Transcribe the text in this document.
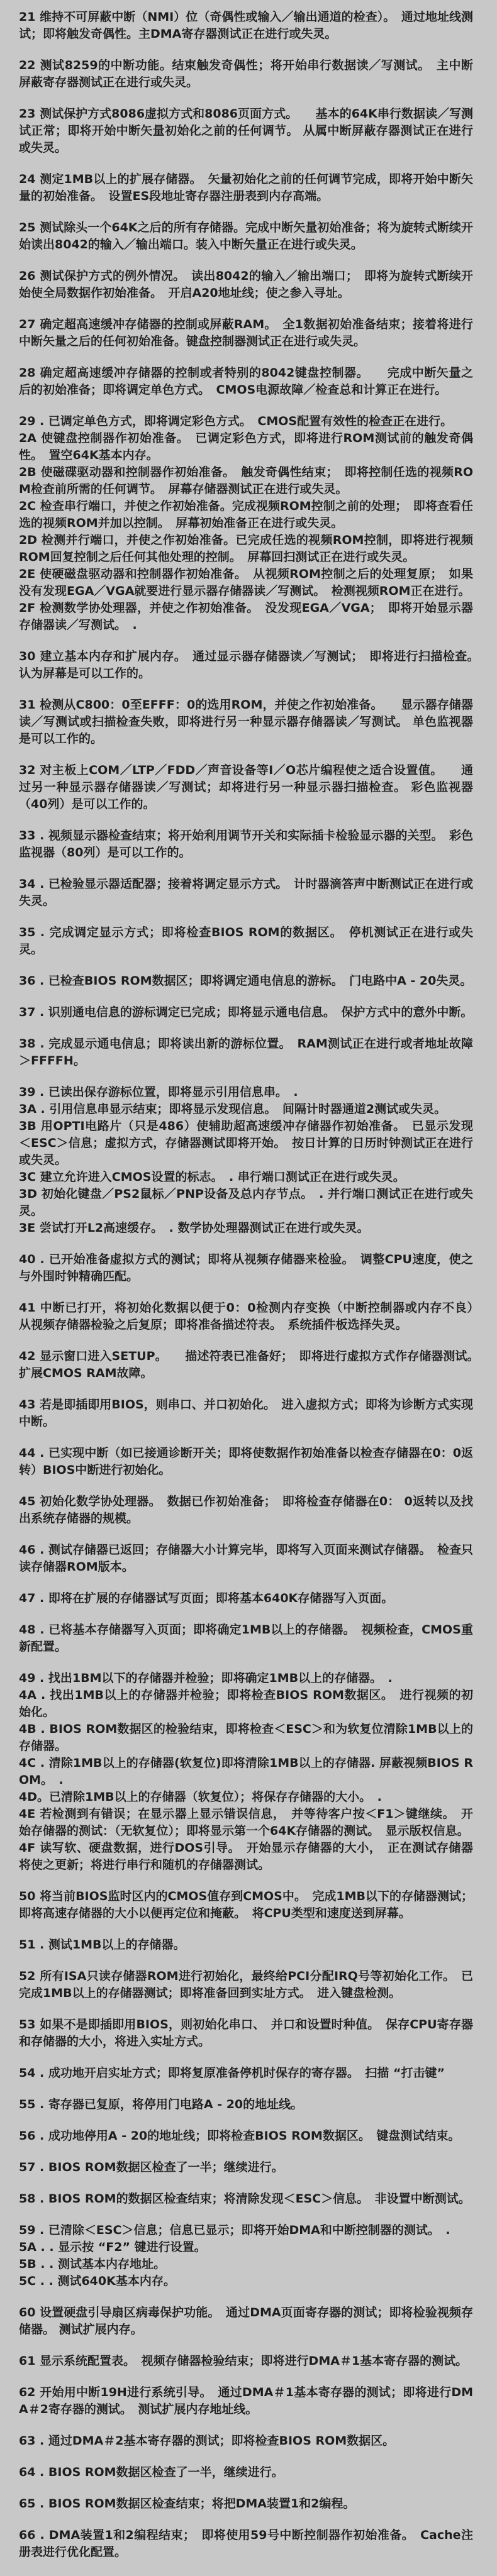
21 维持不可屏蔽中断（NMI）位（奇偶性或输入／输出通道的检查）。　通过地址线测试；即将触发奇偶性。主DMA寄存器测试正在进行或失灵。

22 测试8259的中断功能。结束触发奇偶性；将开始串行数据读／写测试。　主中断屏蔽寄存器测试正在进行或失灵。

23 测试保护方式8086虚拟方式和8086页面方式。　　基本的64K串行数据读／写测试正常；即将开始中断矢量初始化之前的任何调节。 从属中断屏蔽存器测试正在进行或失灵。

24 测定1MB以上的扩展存储器。　矢量初始化之前的任何调节完成，即将开始中断矢量的初始准备。　设置ES段地址寄存器注册表到内存高端。

25 测试除头一个64K之后的所有存储器。完成中断矢量初始准备；将为旋转式断续开始读出8042的输入／输出端口。装入中断矢量正在进行或失灵。

26 测试保护方式的例外情况。　读出8042的输入／输出端口；　即将为旋转式断续开始使全局数据作初始准备。　开启A20地址线；使之参入寻址。

27 确定超高速缓冲存储器的控制或屏蔽RAM。　全1数据初始准备结束；接着将进行中断矢量之后的任何初始准备。键盘控制器测试正在进行或失灵。

28 确定超高速缓冲存储器的控制或者特别的8042键盘控制器。　　完成中断矢量之后的初始准备；即将调定单色方式。　CMOS电源故障／检查总和计算正在进行。

29 . 已调定单色方式，即将调定彩色方式。　CMOS配置有效性的检查正在进行。

2A 使键盘控制器作初始准备。　已调定彩色方式，即将进行ROM测试前的触发奇偶性。　置空64K基本内存。

2B 使磁碟驱动器和控制器作初始准备。　触发奇偶性结束；　即将控制任选的视频ROM检查前所需的任何调节。　屏幕存储器测试正在进行或失灵。

2C 检查串行端口，并使之作初始准备。完成视频ROM控制之前的处理；　即将查看任选的视频ROM并加以控制。　屏幕初始准备正在进行或失灵。

2D 检测并行端口，并使之作初始准备。已完成任选的视频ROM控制，即将进行视频ROM回复控制之后任何其他处理的控制。　屏幕回扫测试正在进行或失灵。

2E 使硬磁盘驱动器和控制器作初始准备。　从视频ROM控制之后的处理复原；　如果没有发现EGA／VGA就要进行显示器存储器读／写测试。　检测视频ROM正在进行。

2F 检测数学协处理器，并使之作初始准备。　没发现EGA／VGA；　即将开始显示器存储器读／写测试。　.

30 建立基本内存和扩展内存。　通过显示器存储器读／写测试；　即将进行扫描检查。　认为屏幕是可以工作的。

31 检测从C800：0至EFFF：0的选用ROM，并使之作初始准备。　　显示器存储器读／写测试或扫描检查失败，即将进行另一种显示器存储器读／写测试。 单色监视器是可以工作的。

32 对主板上COM／LTP／FDD／声音设备等I／O芯片编程使之适合设置值。　　通过另一种显示器存储器读／写测试；却将进行另一种显示器扫描检查。 彩色监视器（40列）是可以工作的。

33 . 视频显示器检查结束；将开始利用调节开关和实际插卡检验显示器的关型。　彩色监视器（80列）是可以工作的。

34 . 已检验显示器适配器；接着将调定显示方式。　计时器滴答声中断测试正在进行或失灵。

35 . 完成调定显示方式；即将检查BIOS ROM的数据区。　停机测试正在进行或失灵。

36 . 已检查BIOS ROM数据区；即将调定通电信息的游标。　门电路中A - 20失灵。

37 . 识别通电信息的游标调定已完成；即将显示通电信息。　保护方式中的意外中断。

38 . 完成显示通电信息；即将读出新的游标位置。　RAM测试正在进行或者地址故障＞FFFFH。

39 . 已读出保存游标位置，即将显示引用信息串。　.

3A . 引用信息串显示结束；即将显示发现信息。　间隔计时器通道2测试或失灵。

3B 用OPTI电路片（只是486）使辅助超高速缓冲存储器作初始准备。　已显示发现＜ESC＞信息；虚拟方式，存储器测试即将开始。　按日计算的日历时钟测试正在进行或失灵。

3C 建立允许进入CMOS设置的标志。　. 串行端口测试正在进行或失灵。

3D 初始化键盘／PS2鼠标／PNP设备及总内存节点。　. 并行端口测试正在进行或失灵。

3E 尝试打开L2高速缓存。　. 数学协处理器测试正在进行或失灵。

40 . 已开始准备虚拟方式的测试；即将从视频存储器来检验。　调整CPU速度，使之与外围时钟精确匹配。

41 中断已打开，将初始化数据以便于0：0检测内存变换（中断控制器或内存不良）　从视频存储器检验之后复原；即将准备描述符表。　系统插件板选择失灵。

42 显示窗口进入SETUP。　　描述符表已准备好；　即将进行虚拟方式作存储器测试。　扩展CMOS RAM故障。

43 若是即插即用BIOS，则串口、并口初始化。　进入虚拟方式；即将为诊断方式实现中断。

44 . 已实现中断（如已接通诊断开关；即将使数据作初始准备以检查存储器在0：0返转）BIOS中断进行初始化。

45 初始化数学协处理器。　数据已作初始准备；　即将检查存储器在0： 0返转以及找出系统存储器的规模。

46 . 测试存储器已返回；存储器大小计算完毕，即将写入页面来测试存储器。　检查只读存储器ROM版本。

47 . 即将在扩展的存储器试写页面；即将基本640K存储器写入页面。

48 . 已将基本存储器写入页面；即将确定1MB以上的存储器。　视频检查，CMOS重新配置。

49 . 找出1BM以下的存储器并检验；即将确定1MB以上的存储器。　.

4A . 找出1MB以上的存储器并检验；即将检查BIOS ROM数据区。　进行视频的初始化。

4B . BIOS ROM数据区的检验结束，即将检查＜ESC＞和为软复位清除1MB以上的存储器。

4C . 清除1MB以上的存储器(软复位)即将清除1MB以上的存储器. 屏蔽视频BIOS ROM。　.

4D。已清除1MB以上的存储器（软复位）；将保存存储器的大小。　.

4E 若检测到有错误；在显示器上显示错误信息，　并等待客户按＜F1＞键继续。　开始存储器的测试：（无软复位）；即将显示第一个64K存储器的测试。　显示版权信息。

4F 读写软、硬盘数据，进行DOS引导。　开始显示存储器的大小，　正在测试存储器将使之更新；将进行串行和随机的存储器测试。

50 将当前BIOS监时区内的CMOS值存到CMOS中。　完成1MB以下的存储器测试；即将高速存储器的大小以便再定位和掩蔽。　将CPU类型和速度送到屏幕。

51 . 测试1MB以上的存储器。

52 所有ISA只读存储器ROM进行初始化，最终给PCI分配IRQ号等初始化工作。　已完成1MB以上的存储器测试；即将准备回到实址方式。　进入键盘检测。

53 如果不是即插即用BIOS，则初始化串口、　并口和设置时种值。　保存CPU寄存器和存储器的大小，将进入实址方式。

54 . 成功地开启实址方式；即将复原准备停机时保存的寄存器。　扫描 “打击键”

55 . 寄存器已复原，将停用门电路A - 20的地址线。

56 . 成功地停用A - 20的地址线；即将检查BIOS ROM数据区。　键盘测试结束。

57 . BIOS ROM数据区检查了一半；继续进行。

58 . BIOS ROM的数据区检查结束；将清除发现＜ESC＞信息。　非设置中断测试。

59 . 已清除＜ESC＞信息；信息已显示；即将开始DMA和中断控制器的测试。　.

5A . . 显示按 “F2” 键进行设置。

5B . . 测试基本内存地址。

5C . . 测试640K基本内存。

60 设置硬盘引导扇区病毒保护功能。　通过DMA页面寄存器的测试；即将检验视频存储器。 测试扩展内存。

61 显示系统配置表。　视频存储器检验结束；即将进行DMA＃1基本寄存器的测试。

62 开始用中断19H进行系统引导。　通过DMA＃1基本寄存器的测试；即将进行DMA＃2寄存器的测试。　测试扩展内存地址线。

63 . 通过DMA＃2基本寄存器的测试；即将检查BIOS ROM数据区。

64 . BIOS ROM数据区检查了一半，继续进行。

65 . BIOS ROM数据区检查结束；将把DMA装置1和2编程。

66 . DMA装置1和2编程结束；　即将使用59号中断控制器作初始准备。　Cache注册表进行优化配置。
